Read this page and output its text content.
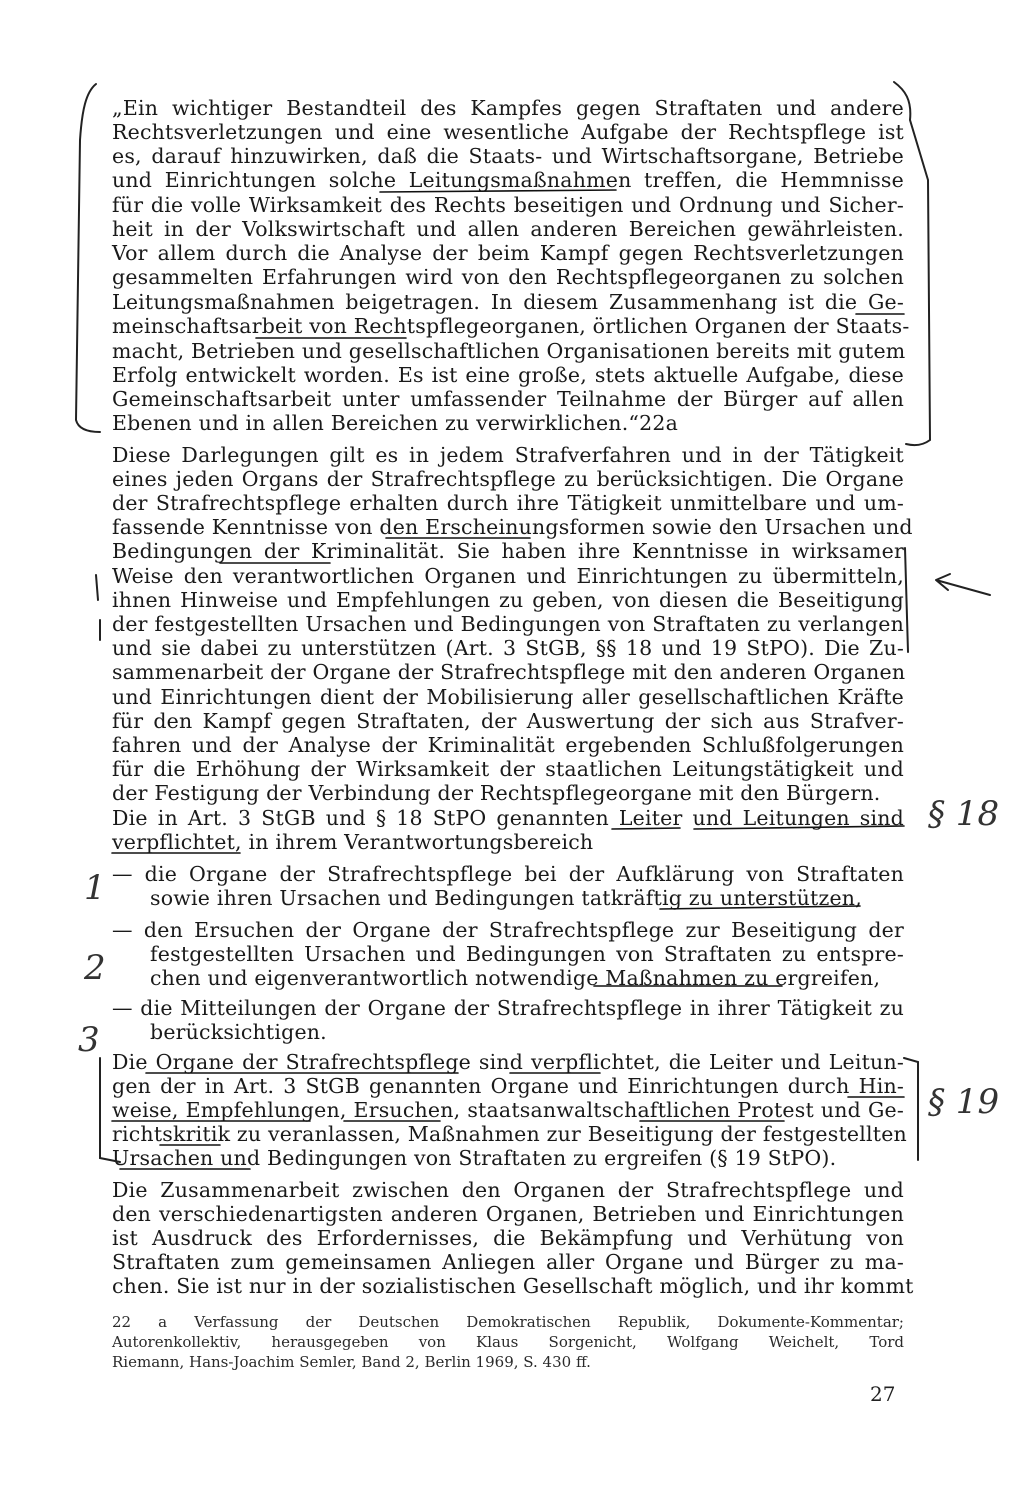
„Ein wichtiger Bestandteil des Kampfes gegen Straftaten und andere
Rechtsverletzungen und eine wesentliche Aufgabe der Rechtspflege ist
es, darauf hinzuwirken, daß die Staats- und Wirtschaftsorgane, Betriebe
und Einrichtungen solche Leitungsmaßnahmen treffen, die Hemmnisse
für die volle Wirksamkeit des Rechts beseitigen und Ordnung und Sicher-
heit in der Volkswirtschaft und allen anderen Bereichen gewährleisten.
Vor allem durch die Analyse der beim Kampf gegen Rechtsverletzungen
gesammelten Erfahrungen wird von den Rechtspflegeorganen zu solchen
Leitungsmaßnahmen beigetragen. In diesem Zusammenhang ist die Ge-
meinschaftsarbeit von Rechtspflegeorganen, örtlichen Organen der Staats-
macht, Betrieben und gesellschaftlichen Organisationen bereits mit gutem
Erfolg entwickelt worden. Es ist eine große, stets aktuelle Aufgabe, diese
Gemeinschaftsarbeit unter umfassender Teilnahme der Bürger auf allen
Ebenen und in allen Bereichen zu verwirklichen.“22a
Diese Darlegungen gilt es in jedem Strafverfahren und in der Tätigkeit
eines jeden Organs der Strafrechtspflege zu berücksichtigen. Die Organe
der Strafrechtspflege erhalten durch ihre Tätigkeit unmittelbare und um-
fassende Kenntnisse von den Erscheinungsformen sowie den Ursachen und
Bedingungen der Kriminalität. Sie haben ihre Kenntnisse in wirksamer
Weise den verantwortlichen Organen und Einrichtungen zu übermitteln,
ihnen Hinweise und Empfehlungen zu geben, von diesen die Beseitigung
der festgestellten Ursachen und Bedingungen von Straftaten zu verlangen
und sie dabei zu unterstützen (Art. 3 StGB, §§ 18 und 19 StPO). Die Zu-
sammenarbeit der Organe der Strafrechtspflege mit den anderen Organen
und Einrichtungen dient der Mobilisierung aller gesellschaftlichen Kräfte
für den Kampf gegen Straftaten, der Auswertung der sich aus Strafver-
fahren und der Analyse der Kriminalität ergebenden Schlußfolgerungen
für die Erhöhung der Wirksamkeit der staatlichen Leitungstätigkeit und
der Festigung der Verbindung der Rechtspflegeorgane mit den Bürgern.
Die in Art. 3 StGB und § 18 StPO genannten Leiter und Leitungen sind
verpflichtet, in ihrem Verantwortungsbereich
— die Organe der Strafrechtspflege bei der Aufklärung von Straftaten
sowie ihren Ursachen und Bedingungen tatkräftig zu unterstützen,
— den Ersuchen der Organe der Strafrechtspflege zur Beseitigung der
festgestellten Ursachen und Bedingungen von Straftaten zu entspre-
chen und eigenverantwortlich notwendige Maßnahmen zu ergreifen,
— die Mitteilungen der Organe der Strafrechtspflege in ihrer Tätigkeit zu
berücksichtigen.
Die Organe der Strafrechtspflege sind verpflichtet, die Leiter und Leitun-
gen der in Art. 3 StGB genannten Organe und Einrichtungen durch Hin-
weise, Empfehlungen, Ersuchen, staatsanwaltschaftlichen Protest und Ge-
richtskritik zu veranlassen, Maßnahmen zur Beseitigung der festgestellten
Ursachen und Bedingungen von Straftaten zu ergreifen (§ 19 StPO).
Die Zusammenarbeit zwischen den Organen der Strafrechtspflege und
den verschiedenartigsten anderen Organen, Betrieben und Einrichtungen
ist Ausdruck des Erfordernisses, die Bekämpfung und Verhütung von
Straftaten zum gemeinsamen Anliegen aller Organe und Bürger zu ma-
chen. Sie ist nur in der sozialistischen Gesellschaft möglich, und ihr kommt
22 a Verfassung der Deutschen Demokratischen Republik, Dokumente-Kommentar;
Autorenkollektiv, herausgegeben von Klaus Sorgenicht, Wolfgang Weichelt, Tord
Riemann, Hans-Joachim Semler, Band 2, Berlin 1969, S. 430 ff.
27
1
2
3
§ 18
§ 19
